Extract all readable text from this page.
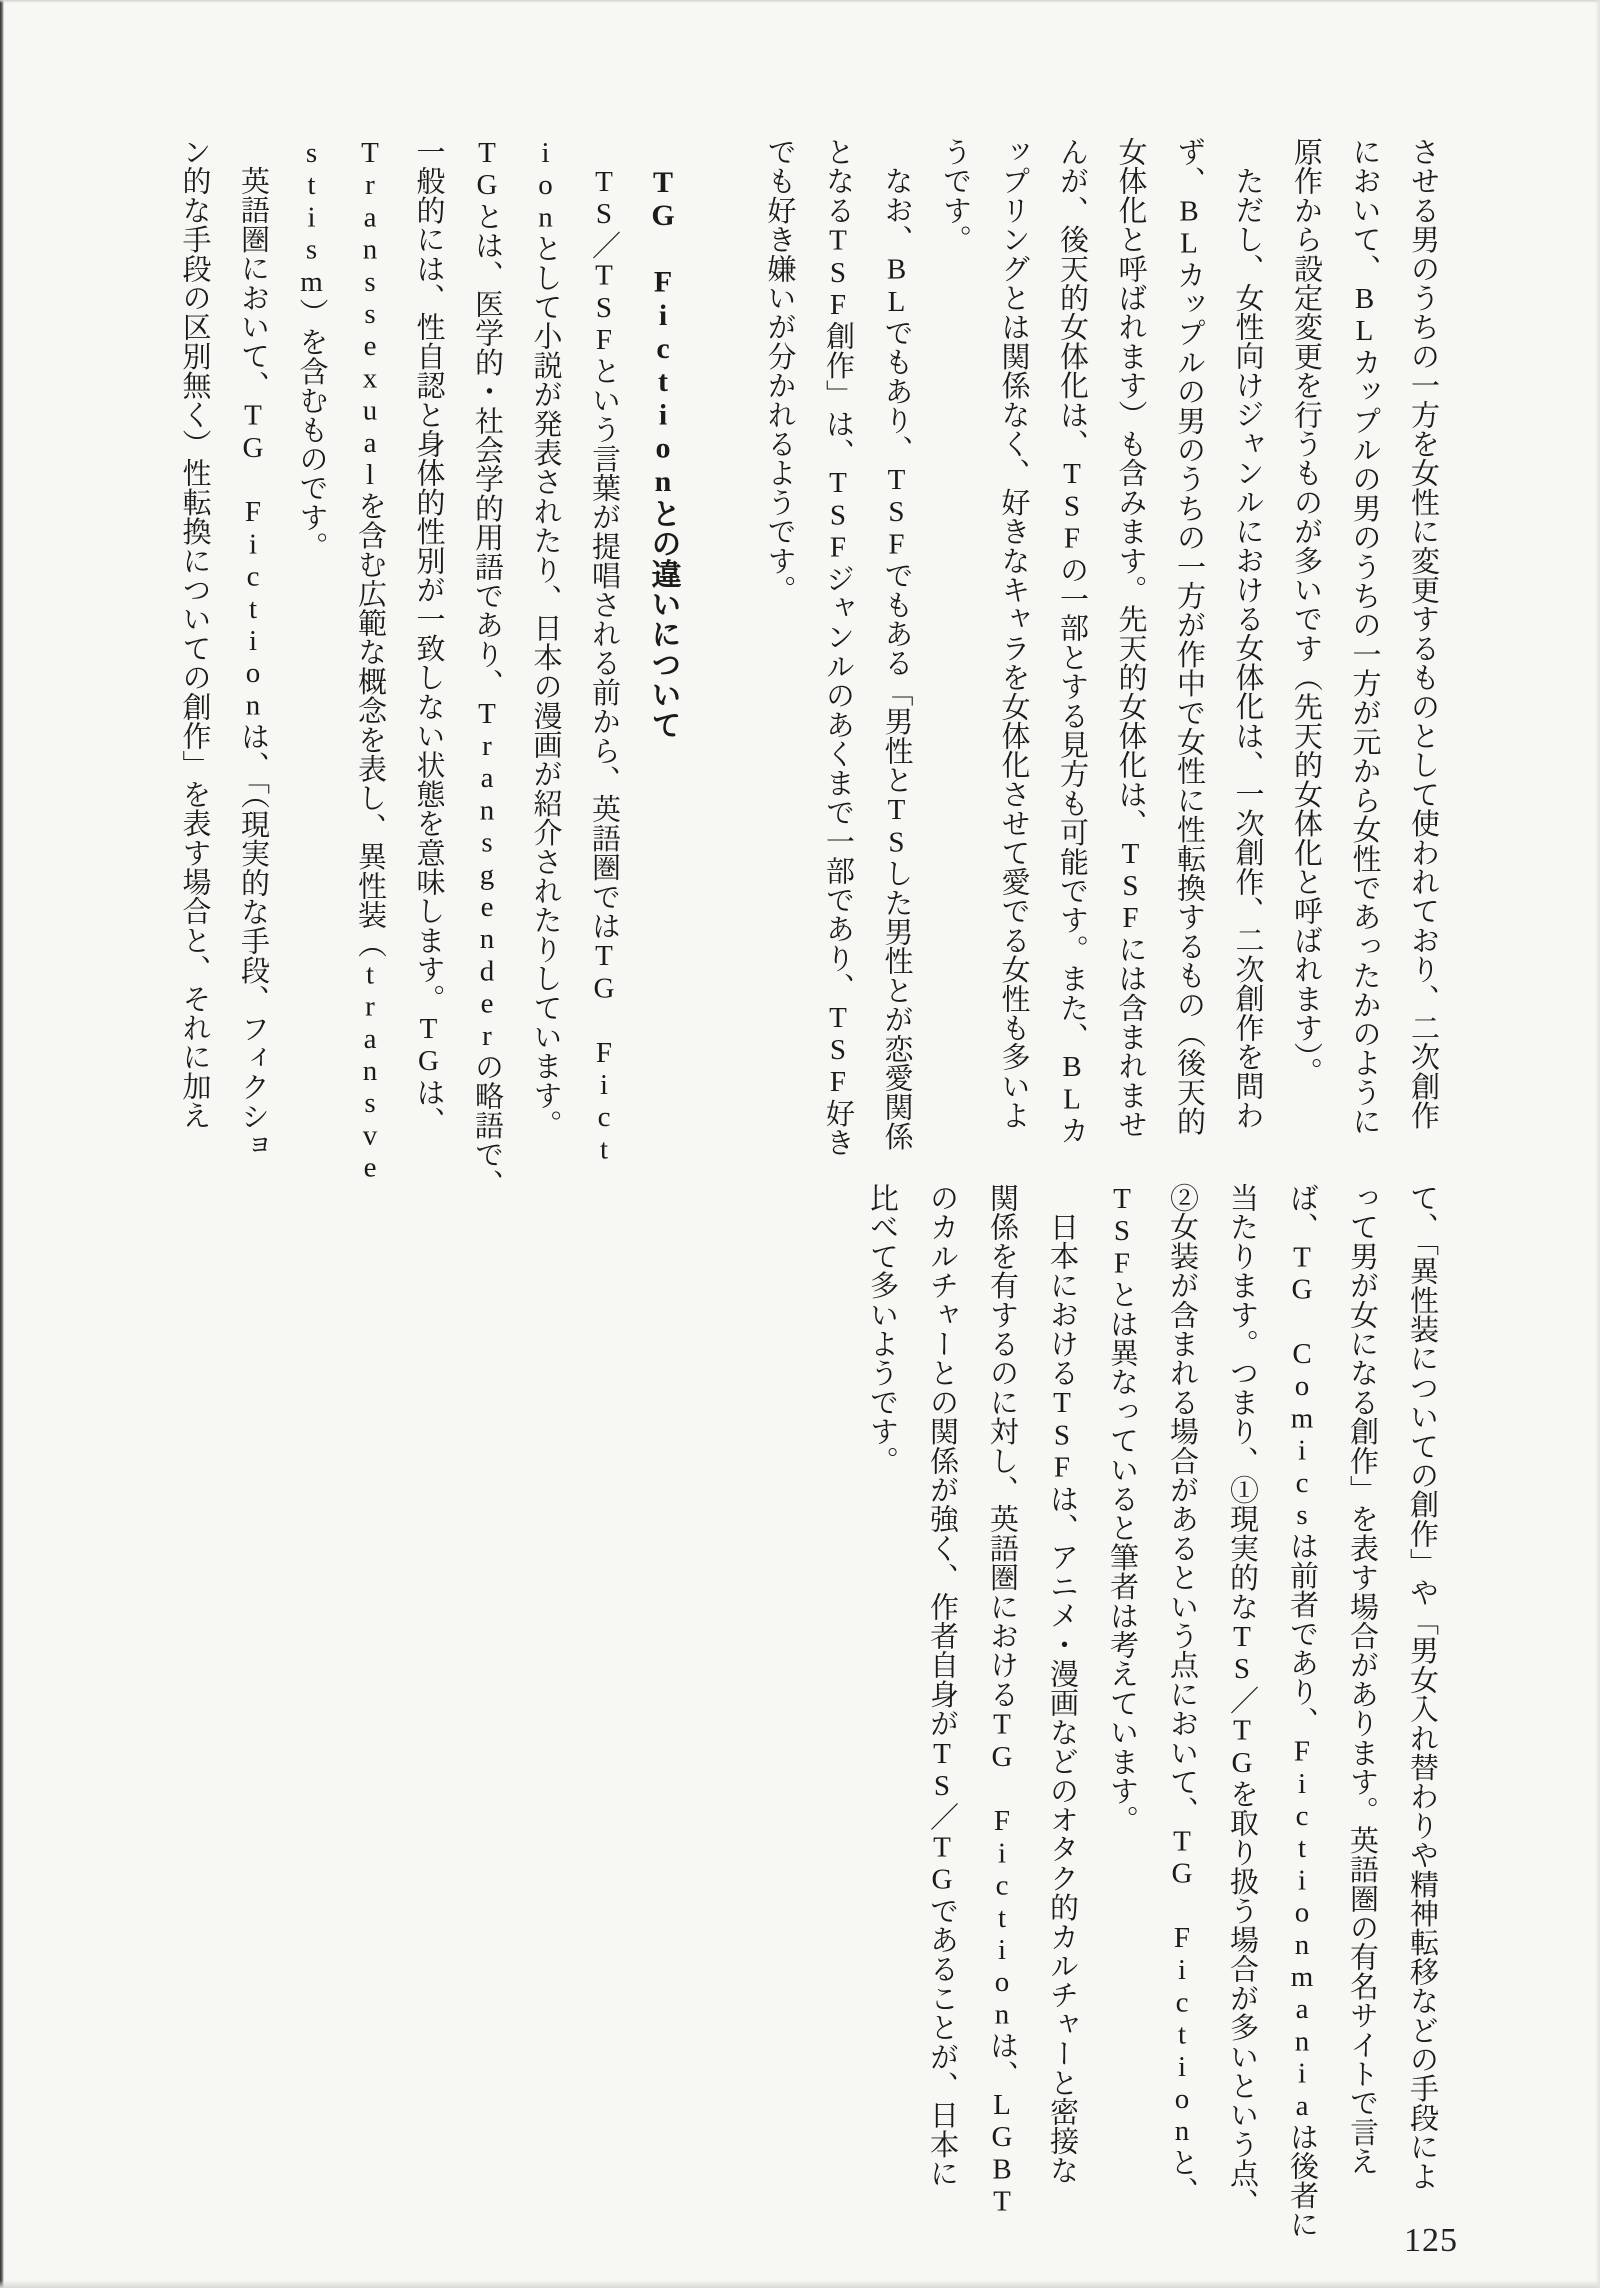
させる男のうちの一方を女性に変更するものとして使われており、二次創作
において、BLカップルの男のうちの一方が元から女性であったかのように
原作から設定変更を行うものが多いです（先天的女体化と呼ばれます）。
ただし、女性向けジャンルにおける女体化は、一次創作、二次創作を問わ
ず、BLカップルの男のうちの一方が作中で女性に性転換するもの（後天的
女体化と呼ばれます）も含みます。先天的女体化は、TSFには含まれませ
んが、後天的女体化は、TSFの一部とする見方も可能です。また、BLカ
ップリングとは関係なく、好きなキャラを女体化させて愛でる女性も多いよ
うです。
なお、BLでもあり、TSFでもある「男性とTSした男性とが恋愛関係
となるTSF創作」は、TSFジャンルのあくまで一部であり、TSF好き
でも好き嫌いが分かれるようです。
TG Fictionとの違いについて
TS／TSFという言葉が提唱される前から、英語圏ではTG Fict
ionとして小説が発表されたり、日本の漫画が紹介されたりしています。
TGとは、医学的・社会学的用語であり、Transgenderの略語で、
一般的には、性自認と身体的性別が一致しない状態を意味します。TGは、
Transsexualを含む広範な概念を表し、異性装（transve
stism）を含むものです。
英語圏において、TG Fictionは、「（現実的な手段、フィクショ
ン的な手段の区別無く）性転換についての創作」を表す場合と、それに加え
て、「異性装についての創作」や「男女入れ替わりや精神転移などの手段によ
って男が女になる創作」を表す場合があります。英語圏の有名サイトで言え
ば、TG Comicsは前者であり、Fictionmaniaは後者に
当たります。つまり、①現実的なTS／TGを取り扱う場合が多いという点、
②女装が含まれる場合があるという点において、TG Fictionと、
TSFとは異なっていると筆者は考えています。
日本におけるTSFは、アニメ・漫画などのオタク的カルチャーと密接な
関係を有するのに対し、英語圏におけるTG Fictionは、LGBT
のカルチャーとの関係が強く、作者自身がTS／TGであることが、日本に
比べて多いようです。
125
